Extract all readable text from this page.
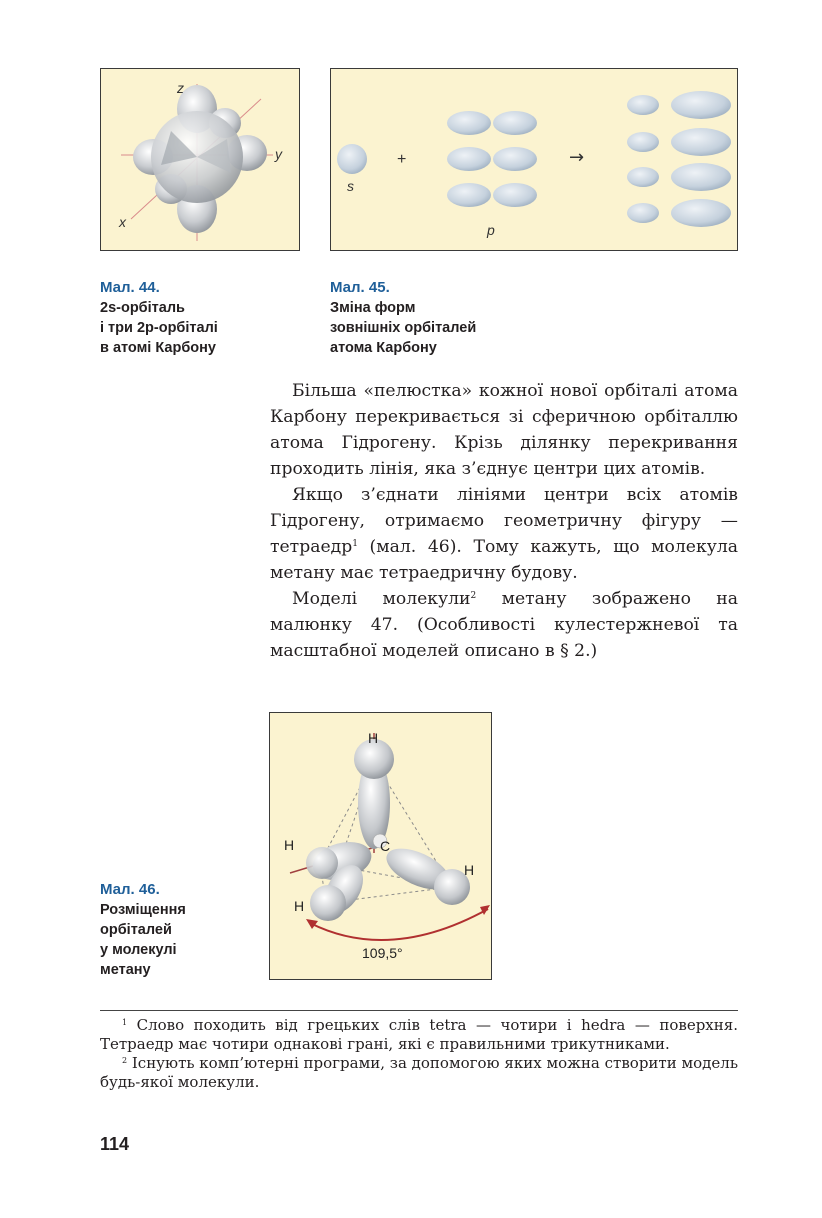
z
y
x
s
+
p
→
Мал. 44.
2s-орбіталь
і три 2p-орбіталі
в атомі Карбону
Мал. 45.
Зміна форм
зовнішніх орбіталей
атома Карбону

Більша «пелюстка» кожної нової орбіталі атома Карбону перекривається зі сферичною орбіталлю атома Гідрогену. Крізь ділянку перекривання проходить лінія, яка з’єднує центри цих атомів.

Якщо з’єднати лініями центри всіх атомів Гідрогену, отримаємо геометричну фігуру — тетраедр$^1$ (мал. 46). Тому кажуть, що молекула метану має тетраедричну будову.

Моделі молекули$^2$ метану зображено на малюнку 47. (Особливості кулестержневої та масштабної моделей описано в § 2.)

H
H	C
H
H
109,5°
Мал. 46.
Розміщення
орбіталей
у молекулі
метану

$^1$ Слово походить від грецьких слів tetra — чотири і hedra — поверхня. Тетраедр має чотири однакові грані, які є правильними трикутниками.

$^2$ Існують комп’ютерні програми, за допомогою яких можна створити модель будь-якої молекули.

114
